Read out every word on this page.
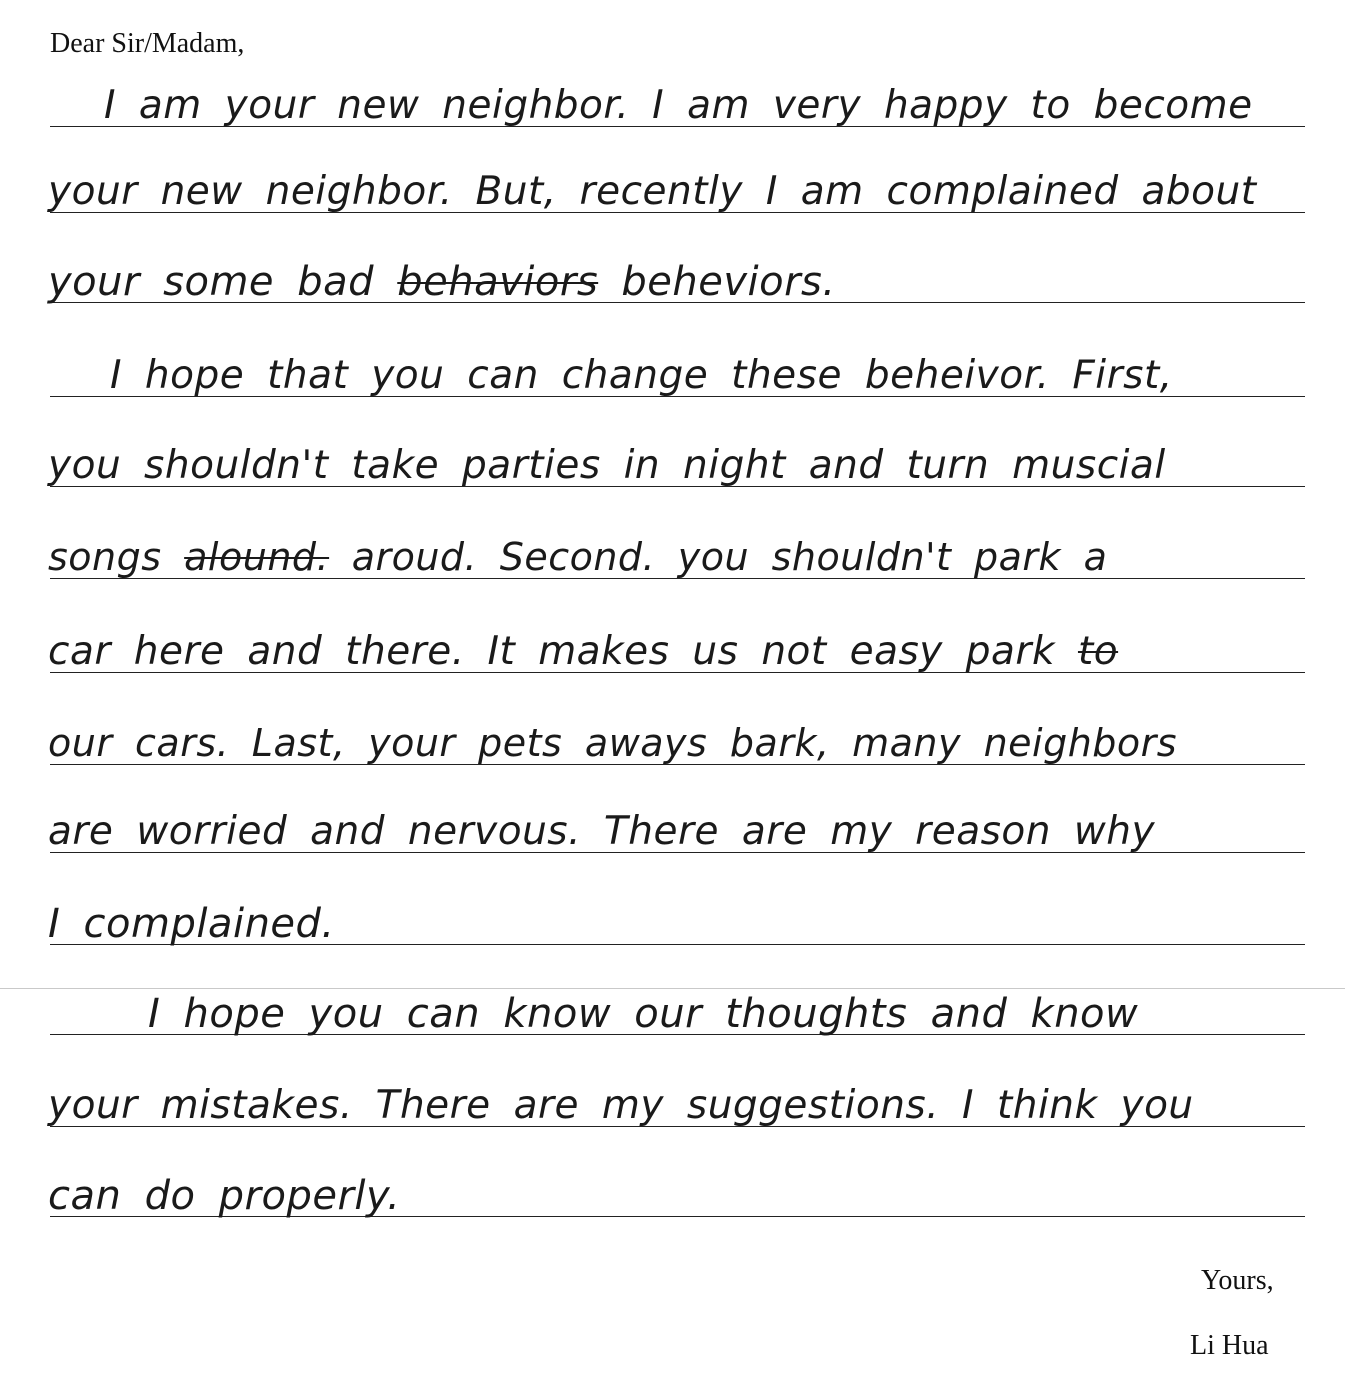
Dear Sir/Madam,
I am your new neighbor. I am very happy to become
your new neighbor. But, recently I am complained about
your some bad behaviors beheviors.
I hope that you can change these beheivor. First,
you shouldn't take parties in night and turn muscial
songs alound. aroud. Second. you shouldn't park a
car here and there. It makes us not easy park to
our cars. Last, your pets aways bark, many neighbors
are worried and nervous. There are my reason why
I complained.
I hope you can know our thoughts and know
your mistakes. There are my suggestions. I think you
can do properly.
Yours,
Li Hua
